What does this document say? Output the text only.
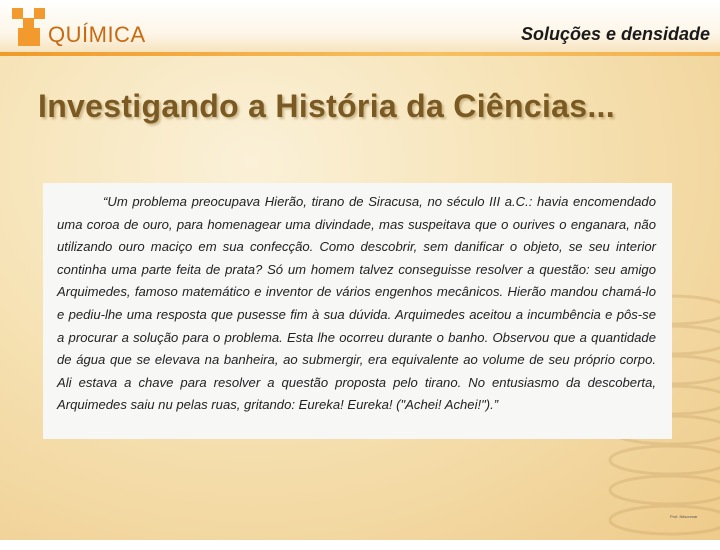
QUÍMICA	Soluções e densidade
Investigando a História da Ciências...

“Um problema preocupava Hierão, tirano de Siracusa, no século III a.C.: havia encomendado uma coroa de ouro, para homenagear uma divindade, mas suspeitava que o ourives o enganara, não utilizando ouro maciço em sua confecção. Como descobrir, sem danificar o objeto, se seu interior continha uma parte feita de prata? Só um homem talvez conseguisse resolver a questão: seu amigo Arquimedes, famoso matemático e inventor de vários engenhos mecânicos. Hierão mandou chamá-lo e pediu-lhe uma resposta que pusesse fim à sua dúvida. Arquimedes aceitou a incumbência e pôs-se a procurar a solução para o problema. Esta lhe ocorreu durante o banho. Observou que a quantidade de água que se elevava na banheira, ao submergir, era equivalente ao volume de seu próprio corpo. Ali estava a chave para resolver a questão proposta pelo tirano. No entusiasmo da descoberta, Arquimedes saiu nu pelas ruas, gritando: Eureka! Eureka! ("Achei! Achei!").”

Prof. Nilsonmar
